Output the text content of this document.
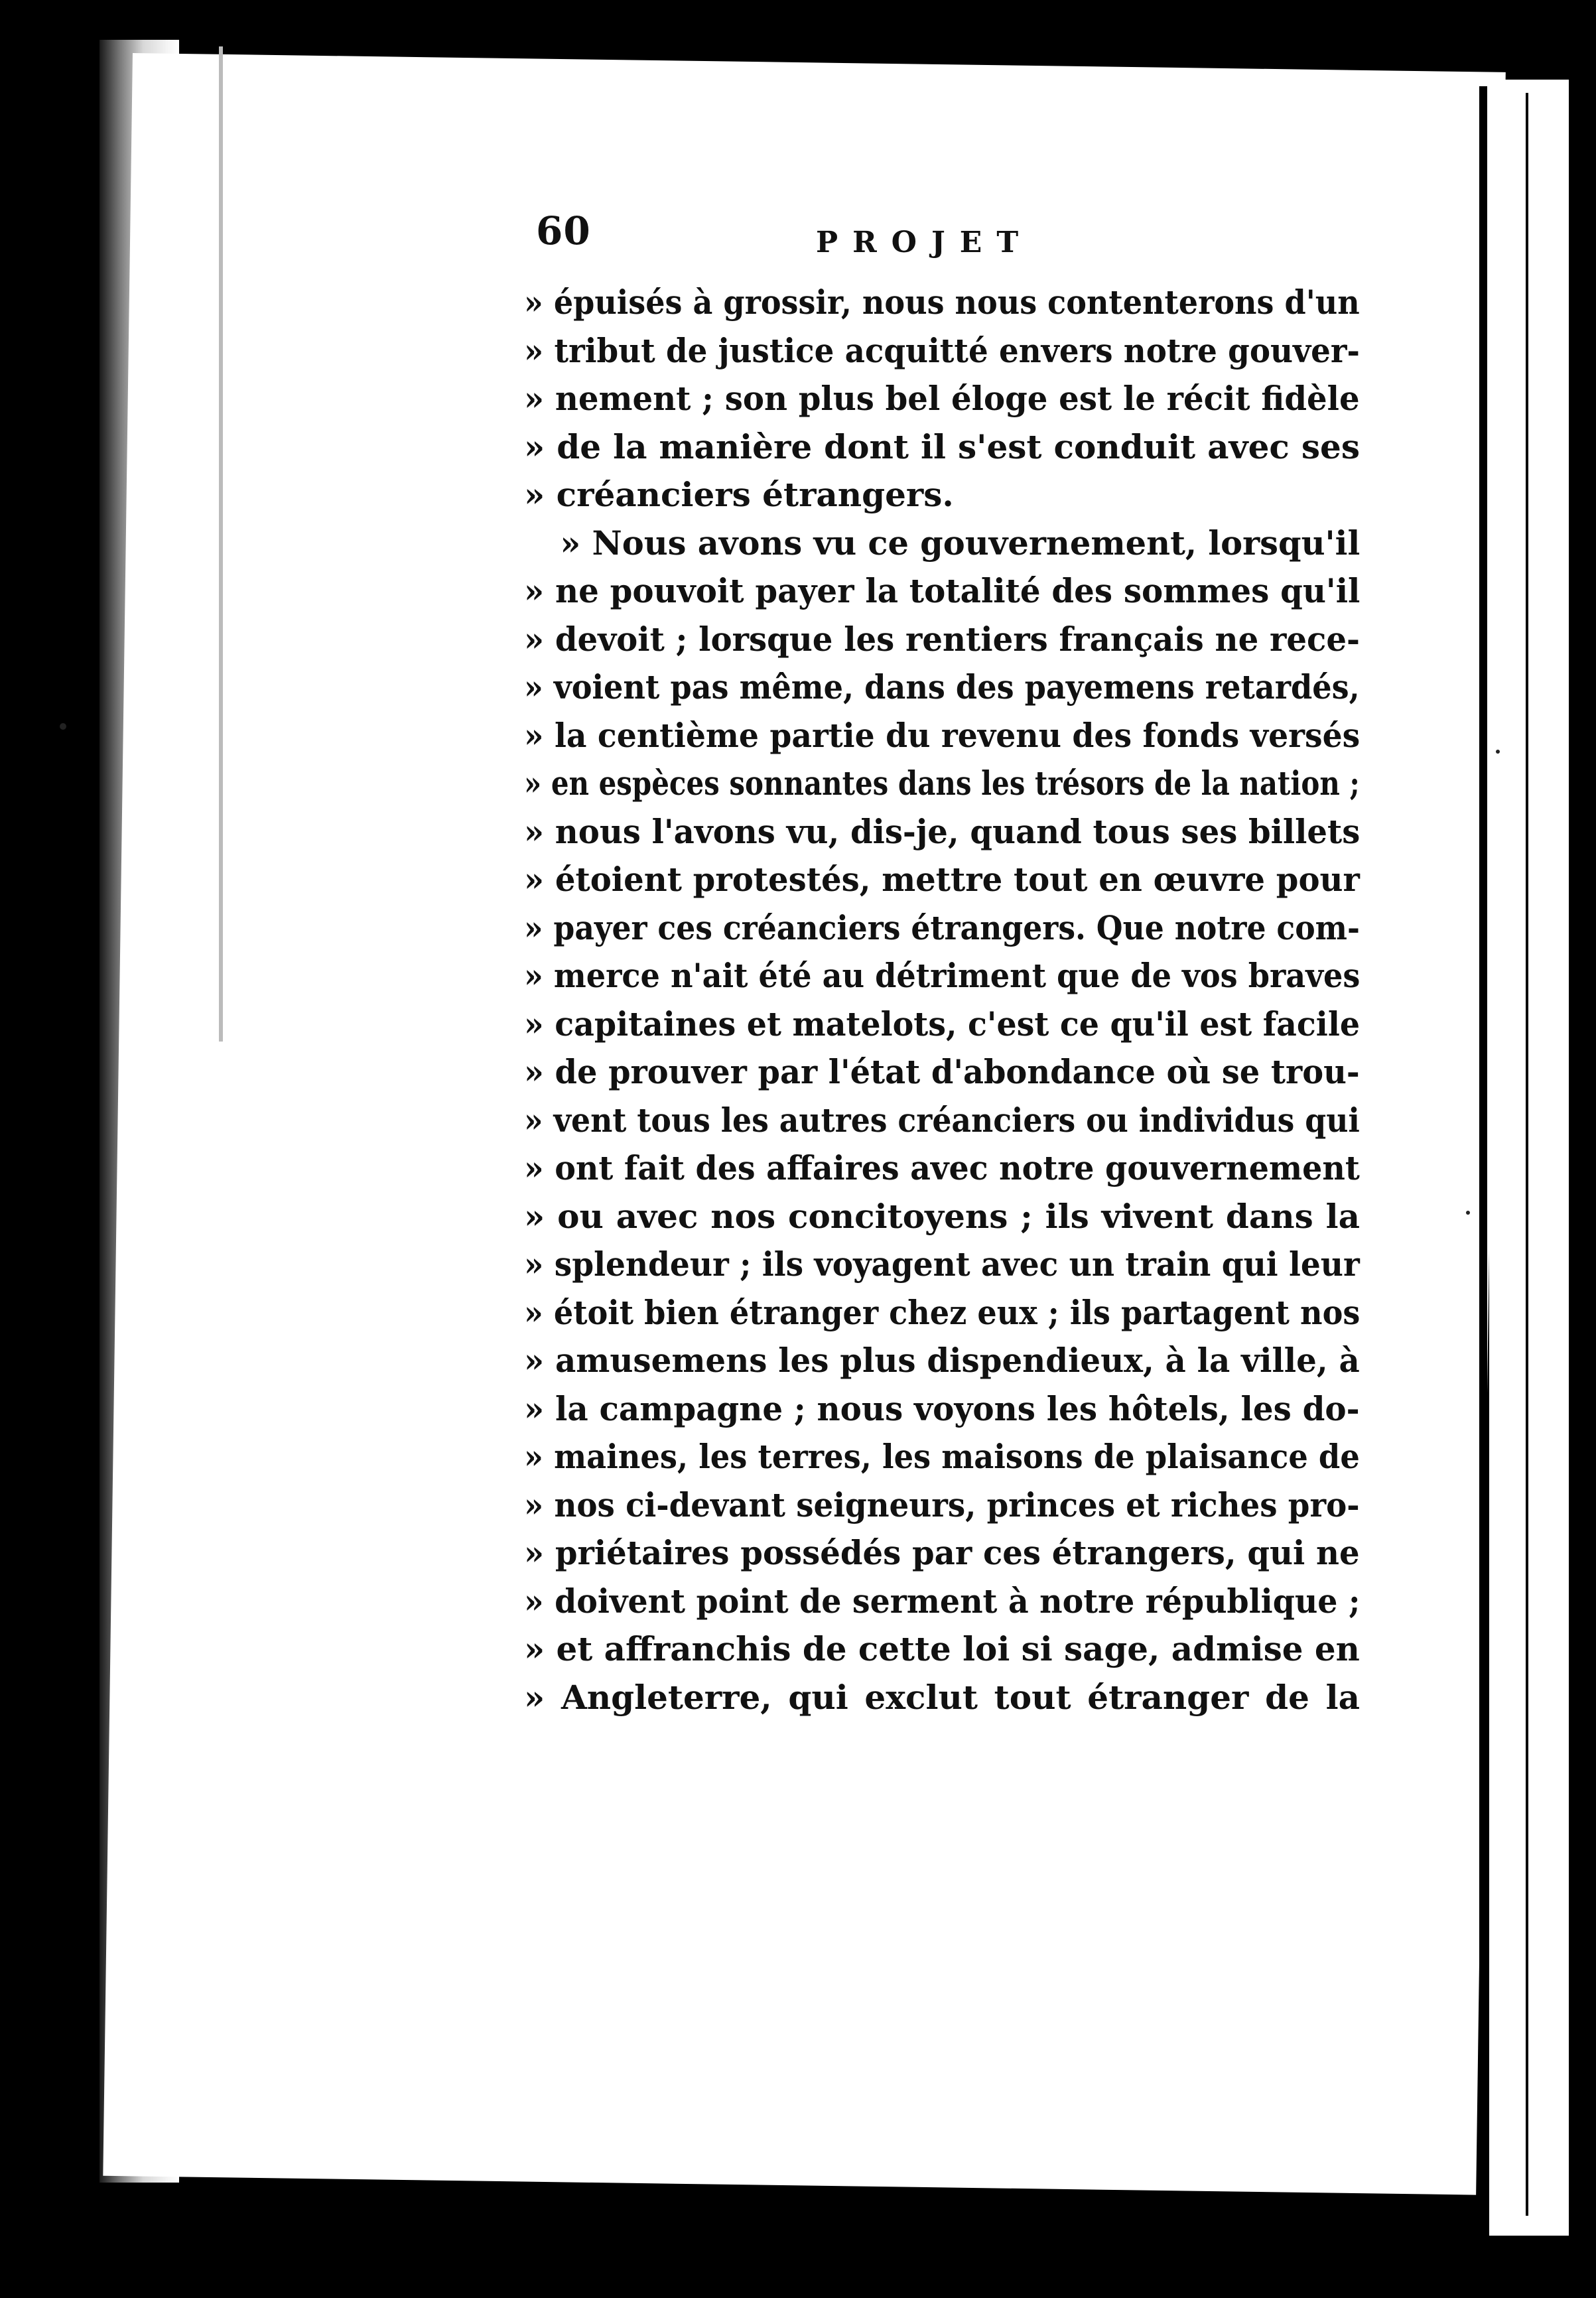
60	PROJET
» épuisés à grossir, nous nous contenterons d'un
» tribut de justice acquitté envers notre gouver-
» nement ; son plus bel éloge est le récit fidèle
» de la manière dont il s'est conduit avec ses
» créanciers étrangers.
» Nous avons vu ce gouvernement, lorsqu'il
» ne pouvoit payer la totalité des sommes qu'il
» devoit ; lorsque les rentiers français ne rece-
» voient pas même, dans des payemens retardés,
» la centième partie du revenu des fonds versés
» en espèces sonnantes dans les trésors de la nation ;
» nous l'avons vu, dis-je, quand tous ses billets
» étoient protestés, mettre tout en œuvre pour
» payer ces créanciers étrangers. Que notre com-
» merce n'ait été au détriment que de vos braves
» capitaines et matelots, c'est ce qu'il est facile
» de prouver par l'état d'abondance où se trou-
» vent tous les autres créanciers ou individus qui
» ont fait des affaires avec notre gouvernement
» ou avec nos concitoyens ; ils vivent dans la
» splendeur ; ils voyagent avec un train qui leur
» étoit bien étranger chez eux ; ils partagent nos
» amusemens les plus dispendieux, à la ville, à
» la campagne ; nous voyons les hôtels, les do-
» maines, les terres, les maisons de plaisance de
» nos ci-devant seigneurs, princes et riches pro-
» priétaires possédés par ces étrangers, qui ne
» doivent point de serment à notre république ;
» et affranchis de cette loi si sage, admise en
» Angleterre, qui exclut tout étranger de la
